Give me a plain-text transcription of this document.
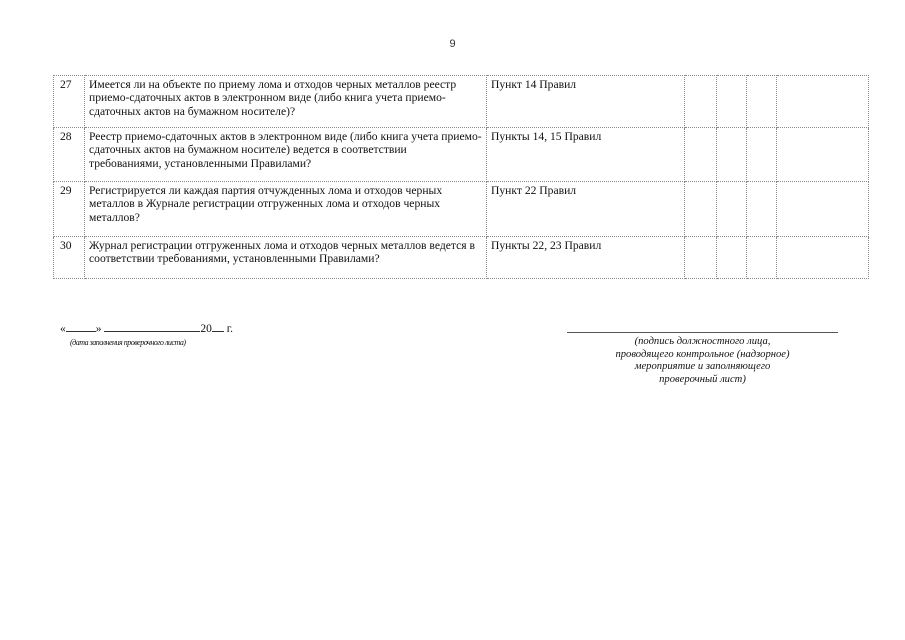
9
27	Имеется ли на объекте по приему лома и отходов черных металлов реестр приемо-сдаточных актов в электронном виде (либо книга учета приемо-сдаточных актов на бумажном носителе)?	Пункт 14 Правил				
28	Реестр приемо-сдаточных актов в электронном виде (либо книга учета приемо-сдаточных актов на бумажном носителе) ведется в соответствии требованиями, установленными Правилами?	Пункты 14, 15 Правил				
29	Регистрируется ли каждая партия отчужденных лома и отходов черных металлов в Журнале регистрации отгруженных лома и отходов черных металлов?	Пункт 22 Правил				
30	Журнал регистрации отгруженных лома и отходов черных металлов ведется в соответствии требованиями, установленными Правилами?	Пункты 22, 23 Правил				
«	»	20 г.
(дата заполнения проверочного листа)	(подпись должностного лица,
проводящего контрольное (надзорное)
мероприятие и заполняющего
проверочный лист)
